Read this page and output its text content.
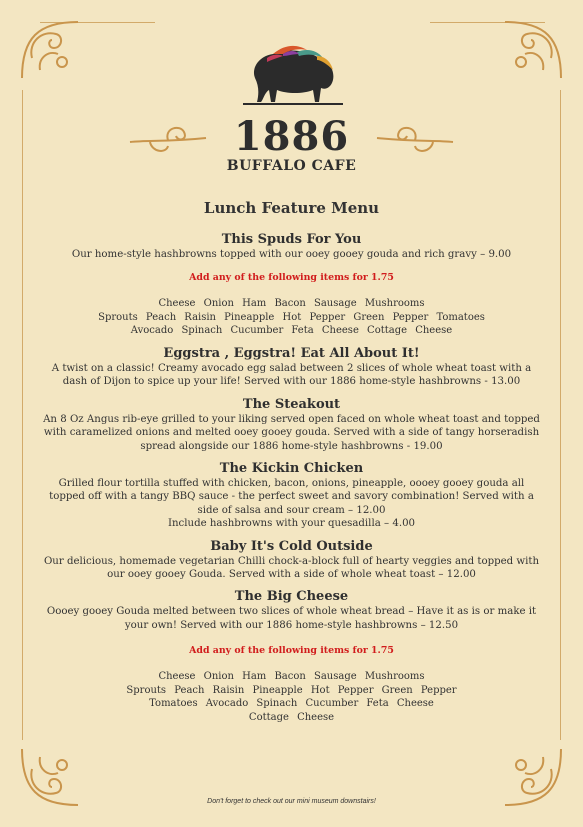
1886
BUFFALO CAFE
Lunch Feature Menu
This Spuds For You

Our home-style hashbrowns topped with our ooey gooey gouda and rich gravy – 9.00

Add any of the following items for 1.75

Cheese Onion Ham Bacon Sausage Mushrooms

Sprouts Peach Raisin Pineapple Hot Pepper Green Pepper Tomatoes

Avocado Spinach Cucumber Feta Cheese Cottage Cheese

Eggstra , Eggstra! Eat All About It!

A twist on a classic! Creamy avocado egg salad between 2 slices of whole wheat toast with a dash of Dijon to spice up your life! Served with our 1886 home-style hashbrowns - 13.00

The Steakout

An 8 Oz Angus rib-eye grilled to your liking served open faced on whole wheat toast and topped with caramelized onions and melted ooey gooey gouda. Served with a side of tangy horseradish spread alongside our 1886 home-style hashbrowns - 19.00

The Kickin Chicken

Grilled flour tortilla stuffed with chicken, bacon, onions, pineapple, oooey gooey gouda all topped off with a tangy BBQ sauce - the perfect sweet and savory combination! Served with a side of salsa and sour cream – 12.00

Include hashbrowns with your quesadilla – 4.00

Baby It's Cold Outside

Our delicious, homemade vegetarian Chilli chock-a-block full of hearty veggies and topped with our ooey gooey Gouda. Served with a side of whole wheat toast – 12.00

The Big Cheese

Oooey gooey Gouda melted between two slices of whole wheat bread – Have it as is or make it your own! Served with our 1886 home-style hashbrowns – 12.50

Add any of the following items for 1.75

Cheese Onion Ham Bacon Sausage Mushrooms

Sprouts Peach Raisin Pineapple Hot Pepper Green Pepper

Tomatoes Avocado Spinach Cucumber Feta Cheese

Cottage Cheese

Don't forget to check out our mini museum downstairs!
